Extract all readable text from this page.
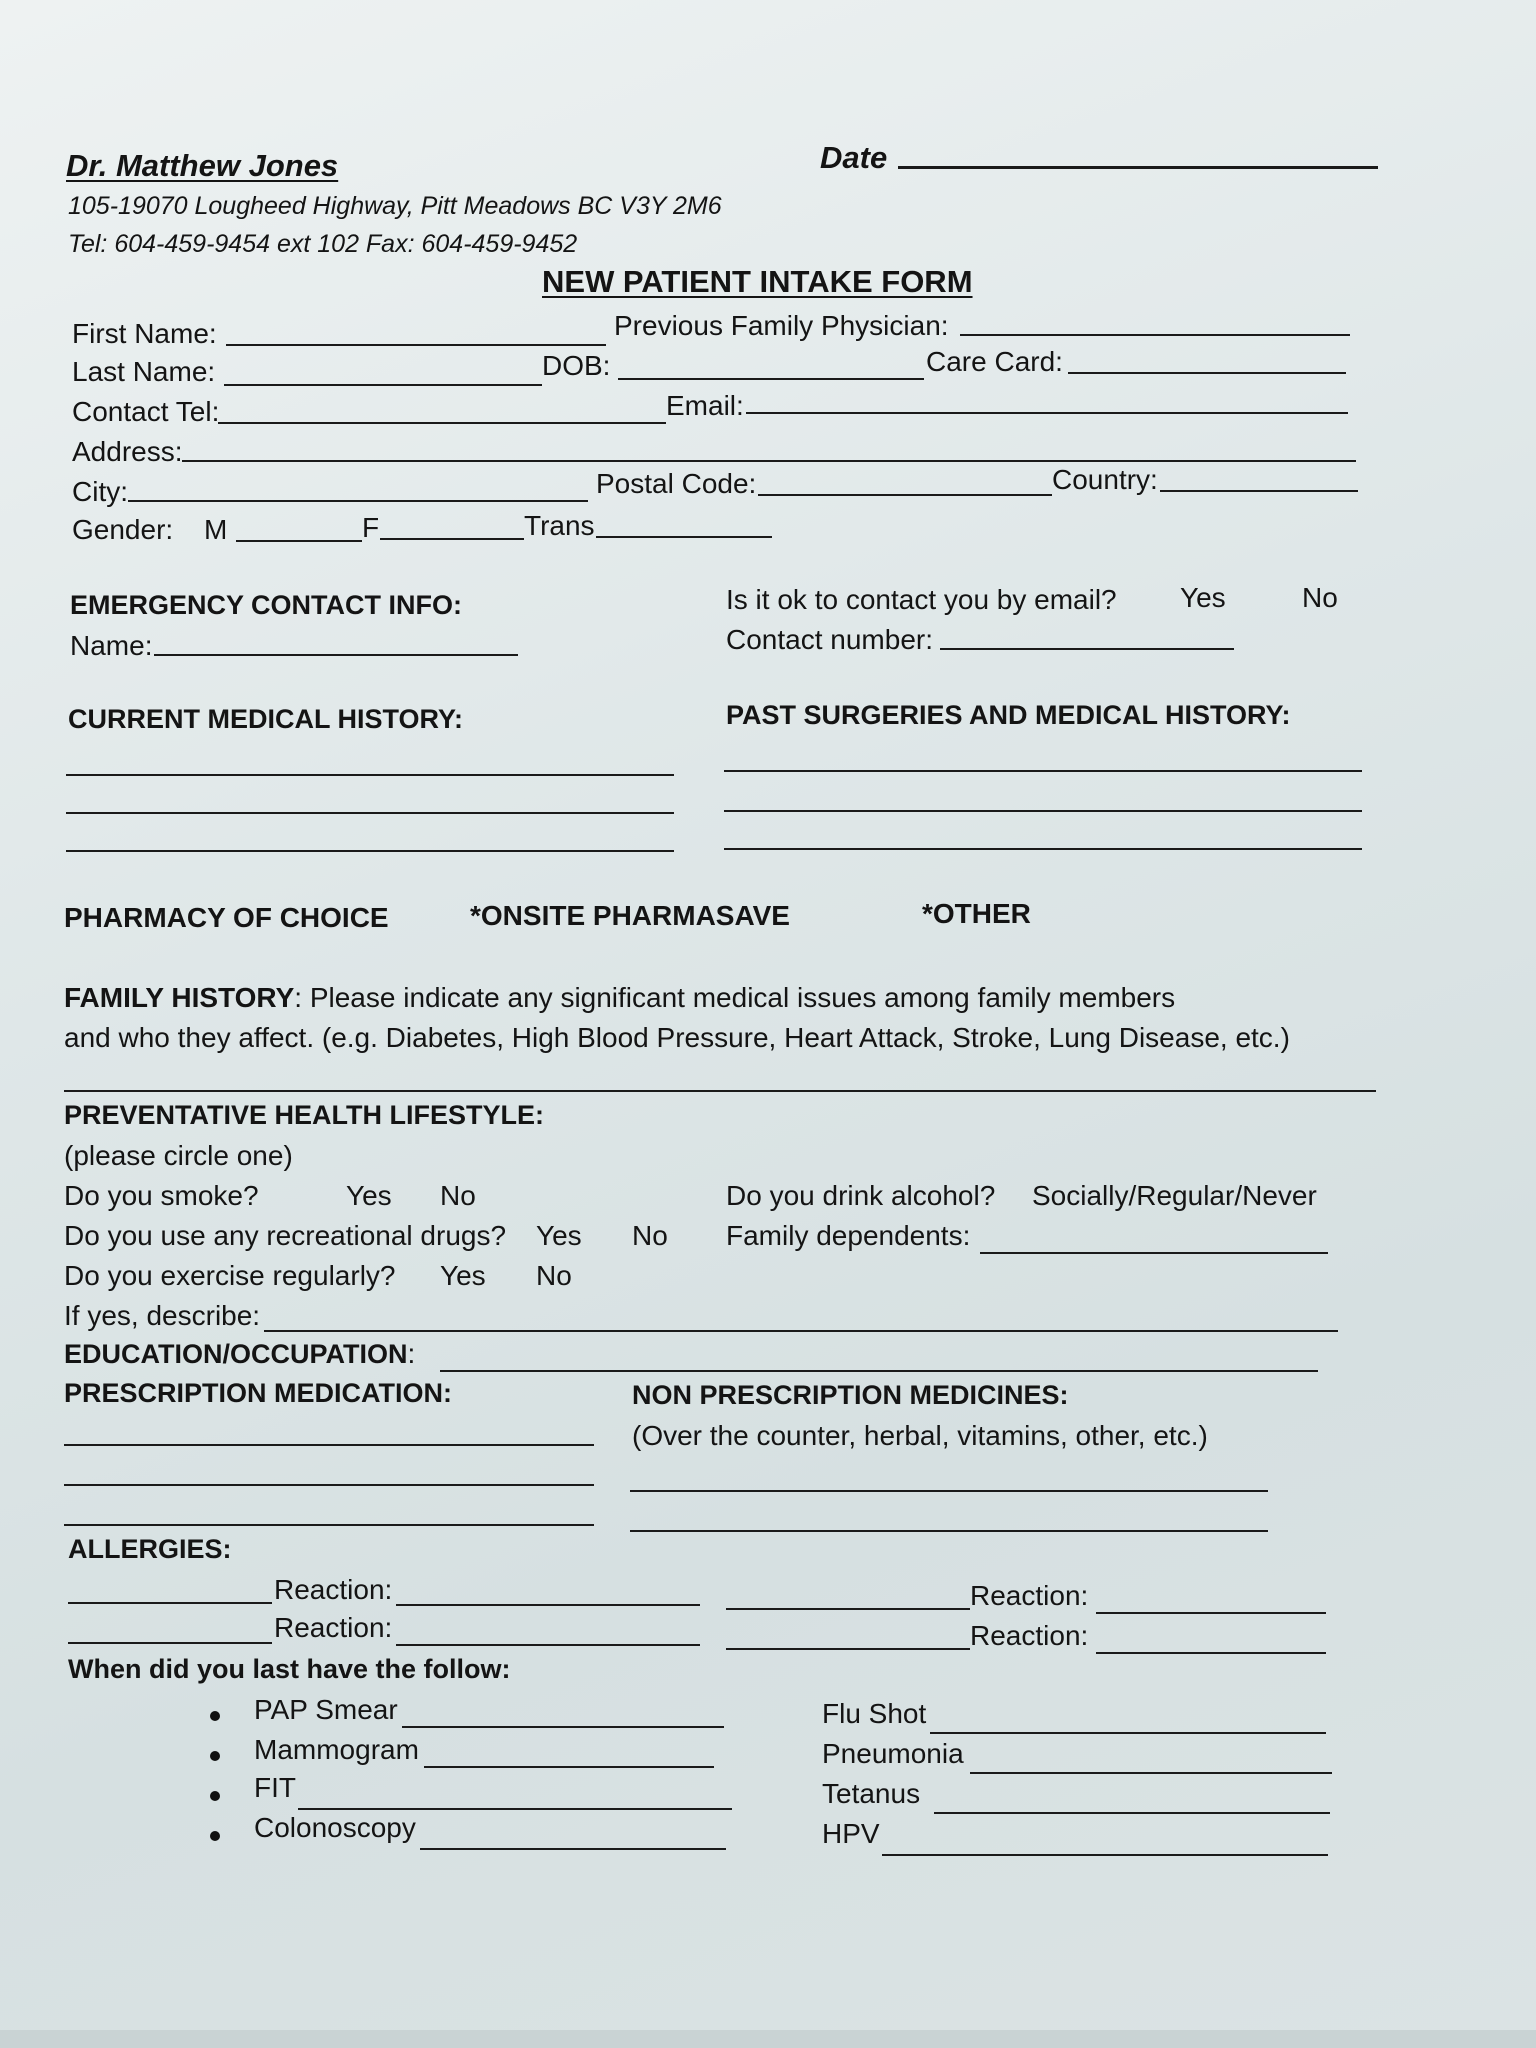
Dr. Matthew Jones
105-19070 Lougheed Highway, Pitt Meadows BC V3Y 2M6
Tel: 604-459-9454 ext 102 Fax: 604-459-9452
Date
NEW PATIENT INTAKE FORM
First Name:	Previous Family Physician:
Last Name:	DOB:	Care Card:
Contact Tel:	Email:
Address:
City:	Postal Code:	Country:
Gender: M	F	Trans
EMERGENCY CONTACT INFO:
Name:
Is it ok to contact you by email? Yes	No
Contact number:
CURRENT MEDICAL HISTORY:	PAST SURGERIES AND MEDICAL HISTORY:
PHARMACY OF CHOICE	*ONSITE PHARMASAVE	*OTHER
FAMILY HISTORY: Please indicate any significant medical issues among family members
and who they affect. (e.g. Diabetes, High Blood Pressure, Heart Attack, Stroke, Lung Disease, etc.)
PREVENTATIVE HEALTH LIFESTYLE:
(please circle one)
Do you smoke?	Yes No
Do you use any recreational drugs? Yes No
Do you exercise regularly? Yes No
Do you drink alcohol? Socially/Regular/Never
Family dependents:
If yes, describe:
EDUCATION/OCCUPATION:
PRESCRIPTION MEDICATION:	NON PRESCRIPTION MEDICINES:
(Over the counter, herbal, vitamins, other, etc.)
ALLERGIES:
Reaction:
Reaction:
Reaction:
Reaction:
When did you last have the follow:
PAP Smear
Mammogram
FIT
Colonoscopy
Flu Shot
Pneumonia
Tetanus
HPV
